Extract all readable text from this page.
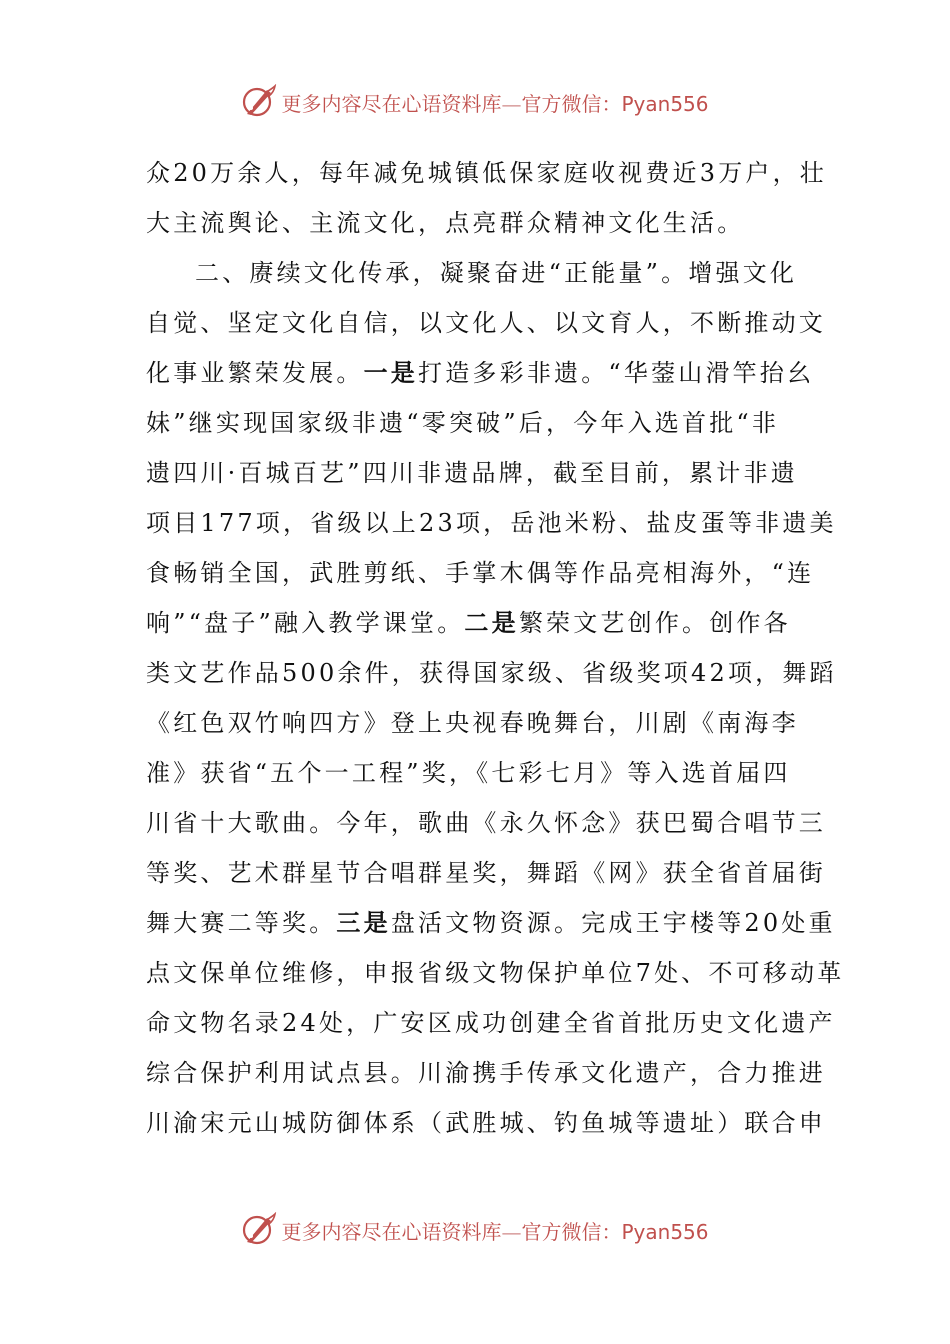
更多内容尽在心语资料库—官方微信：Pyan556
众20万余人，每年减免城镇低保家庭收视费近3万户，壮
大主流舆论、主流文化，点亮群众精神文化生活。
二、赓续文化传承，凝聚奋进“正能量”。增强文化
自觉、坚定文化自信，以文化人、以文育人，不断推动文
化事业繁荣发展。一是打造多彩非遗。“华蓥山滑竿抬幺
妹”继实现国家级非遗“零突破”后，今年入选首批“非
遗四川·百城百艺”四川非遗品牌，截至目前，累计非遗
项目177项，省级以上23项，岳池米粉、盐皮蛋等非遗美
食畅销全国，武胜剪纸、手掌木偶等作品亮相海外，“连
响”“盘子”融入教学课堂。二是繁荣文艺创作。创作各
类文艺作品500余件，获得国家级、省级奖项42项，舞蹈
《红色双竹响四方》登上央视春晚舞台，川剧《南海李
准》获省“五个一工程”奖，《七彩七月》等入选首届四
川省十大歌曲。今年，歌曲《永久怀念》获巴蜀合唱节三
等奖、艺术群星节合唱群星奖，舞蹈《网》获全省首届街
舞大赛二等奖。三是盘活文物资源。完成王宇楼等20处重
点文保单位维修，申报省级文物保护单位7处、不可移动革
命文物名录24处，广安区成功创建全省首批历史文化遗产
综合保护利用试点县。川渝携手传承文化遗产，合力推进
川渝宋元山城防御体系（武胜城、钓鱼城等遗址）联合申
更多内容尽在心语资料库—官方微信：Pyan556
